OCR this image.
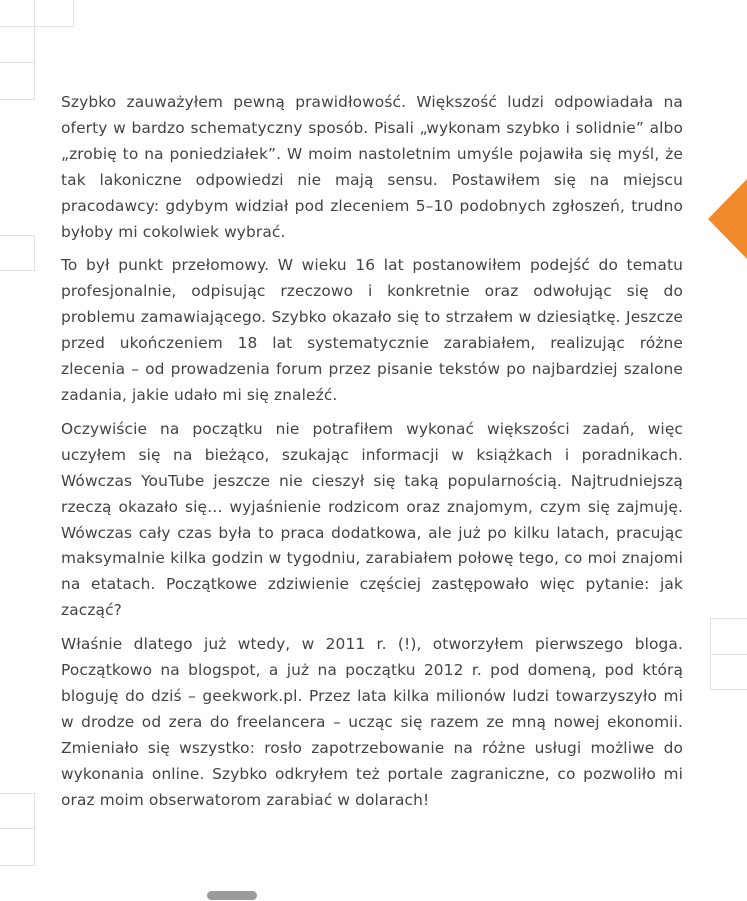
Szybko zauważyłem pewną prawidłowość. Większość ludzi odpowiadała na oferty w bardzo schematyczny sposób. Pisali „wykonam szybko i solidnie” albo „zrobię to na poniedziałek”. W moim nastoletnim umyśle pojawiła się myśl, że tak lakoniczne odpowiedzi nie mają sensu. Postawiłem się na miejscu pracodawcy: gdybym widział pod zleceniem 5–10 podobnych zgłoszeń, trudno byłoby mi cokolwiek wybrać.

To był punkt przełomowy. W wieku 16 lat postanowiłem podejść do tematu profesjonalnie, odpisując rzeczowo i konkretnie oraz odwołując się do problemu zamawiającego. Szybko okazało się to strzałem w dziesiątkę. Jeszcze przed ukończeniem 18 lat systematycznie zarabiałem, realizując różne zlecenia – od prowadzenia forum przez pisanie tekstów po najbardziej szalone zadania, jakie udało mi się znaleźć.

Oczywiście na początku nie potrafiłem wykonać większości zadań, więc uczyłem się na bieżąco, szukając informacji w książkach i poradnikach. Wówczas YouTube jeszcze nie cieszył się taką popularnością. Najtrudniejszą rzeczą okazało się… wyjaśnienie rodzicom oraz znajomym, czym się zajmuję. Wówczas cały czas była to praca dodatkowa, ale już po kilku latach, pracując maksymalnie kilka godzin w tygodniu, zarabiałem połowę tego, co moi znajomi na etatach. Początkowe zdziwienie częściej zastępowało więc pytanie: jak zacząć?

Właśnie dlatego już wtedy, w 2011 r. (!), otworzyłem pierwszego bloga. Początkowo na blogspot, a już na początku 2012 r. pod domeną, pod którą bloguję do dziś – geekwork.pl. Przez lata kilka milionów ludzi towarzyszyło mi w drodze od zera do freelancera – ucząc się razem ze mną nowej ekonomii. Zmieniało się wszystko: rosło zapotrzebowanie na różne usługi możliwe do wykonania online. Szybko odkryłem też portale zagraniczne, co pozwoliło mi oraz moim obserwatorom zarabiać w dolarach!
